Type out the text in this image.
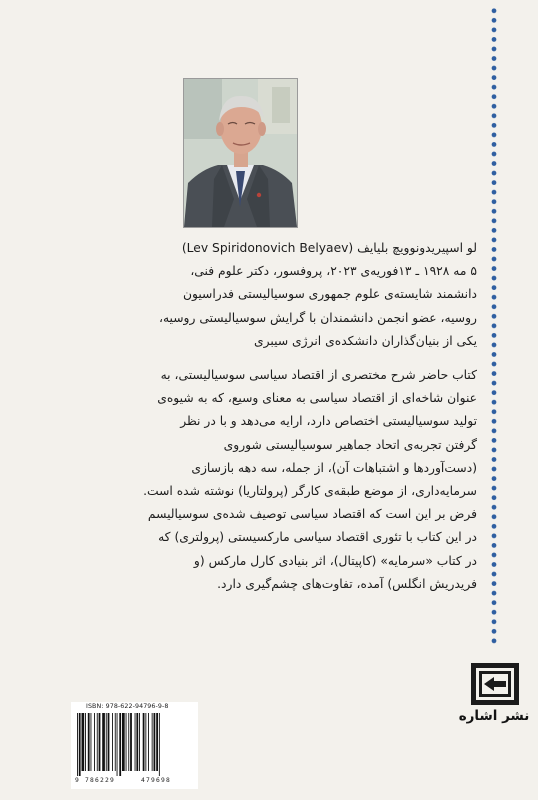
لو اسپیریدونوویچ بلیایف (Lev Spiridonovich Belyaev)
۵ مه ۱۹۲۸ ـ ۱۳فوریه‌ی ۲۰۲۳، پروفسور، دکتر علوم فنی،
دانشمند شایسته‌ی علوم جمهوری سوسیالیستی فدراسیون
روسیه، عضو انجمن دانشمندان با گرایش سوسیالیستی روسیه،
یکی از بنیان‌گذاران دانشکده‌ی انرژی سیبری
کتاب حاضر شرح مختصری از اقتصاد سیاسی سوسیالیستی، به
عنوان شاخه‌ای از اقتصاد سیاسی به معنای وسیع، که به شیوه‌ی
تولید سوسیالیستی اختصاص دارد، ارایه می‌دهد و با در نظر
گرفتن تجربه‌ی اتحاد جماهیر سوسیالیستی شوروی
(دست‌آوردها و اشتباهات آن)، از جمله، سه دهه بازسازی
سرمایه‌داری، از موضع طبقه‌ی کارگر (پرولتاریا) نوشته شده است.
فرض بر این است که اقتصاد سیاسی توصیف شده‌ی سوسیالیسم
در این کتاب با تئوری اقتصاد سیاسی مارکسیستی (پرولتری) که
در کتاب «سرمایه» (کاپیتال)، اثر بنیادی کارل مارکس (و
فریدریش انگلس) آمده، تفاوت‌های چشم‌گیری دارد.
ISBN: 978-622-94796-9-8
9 786229	479698
نشر اشاره
